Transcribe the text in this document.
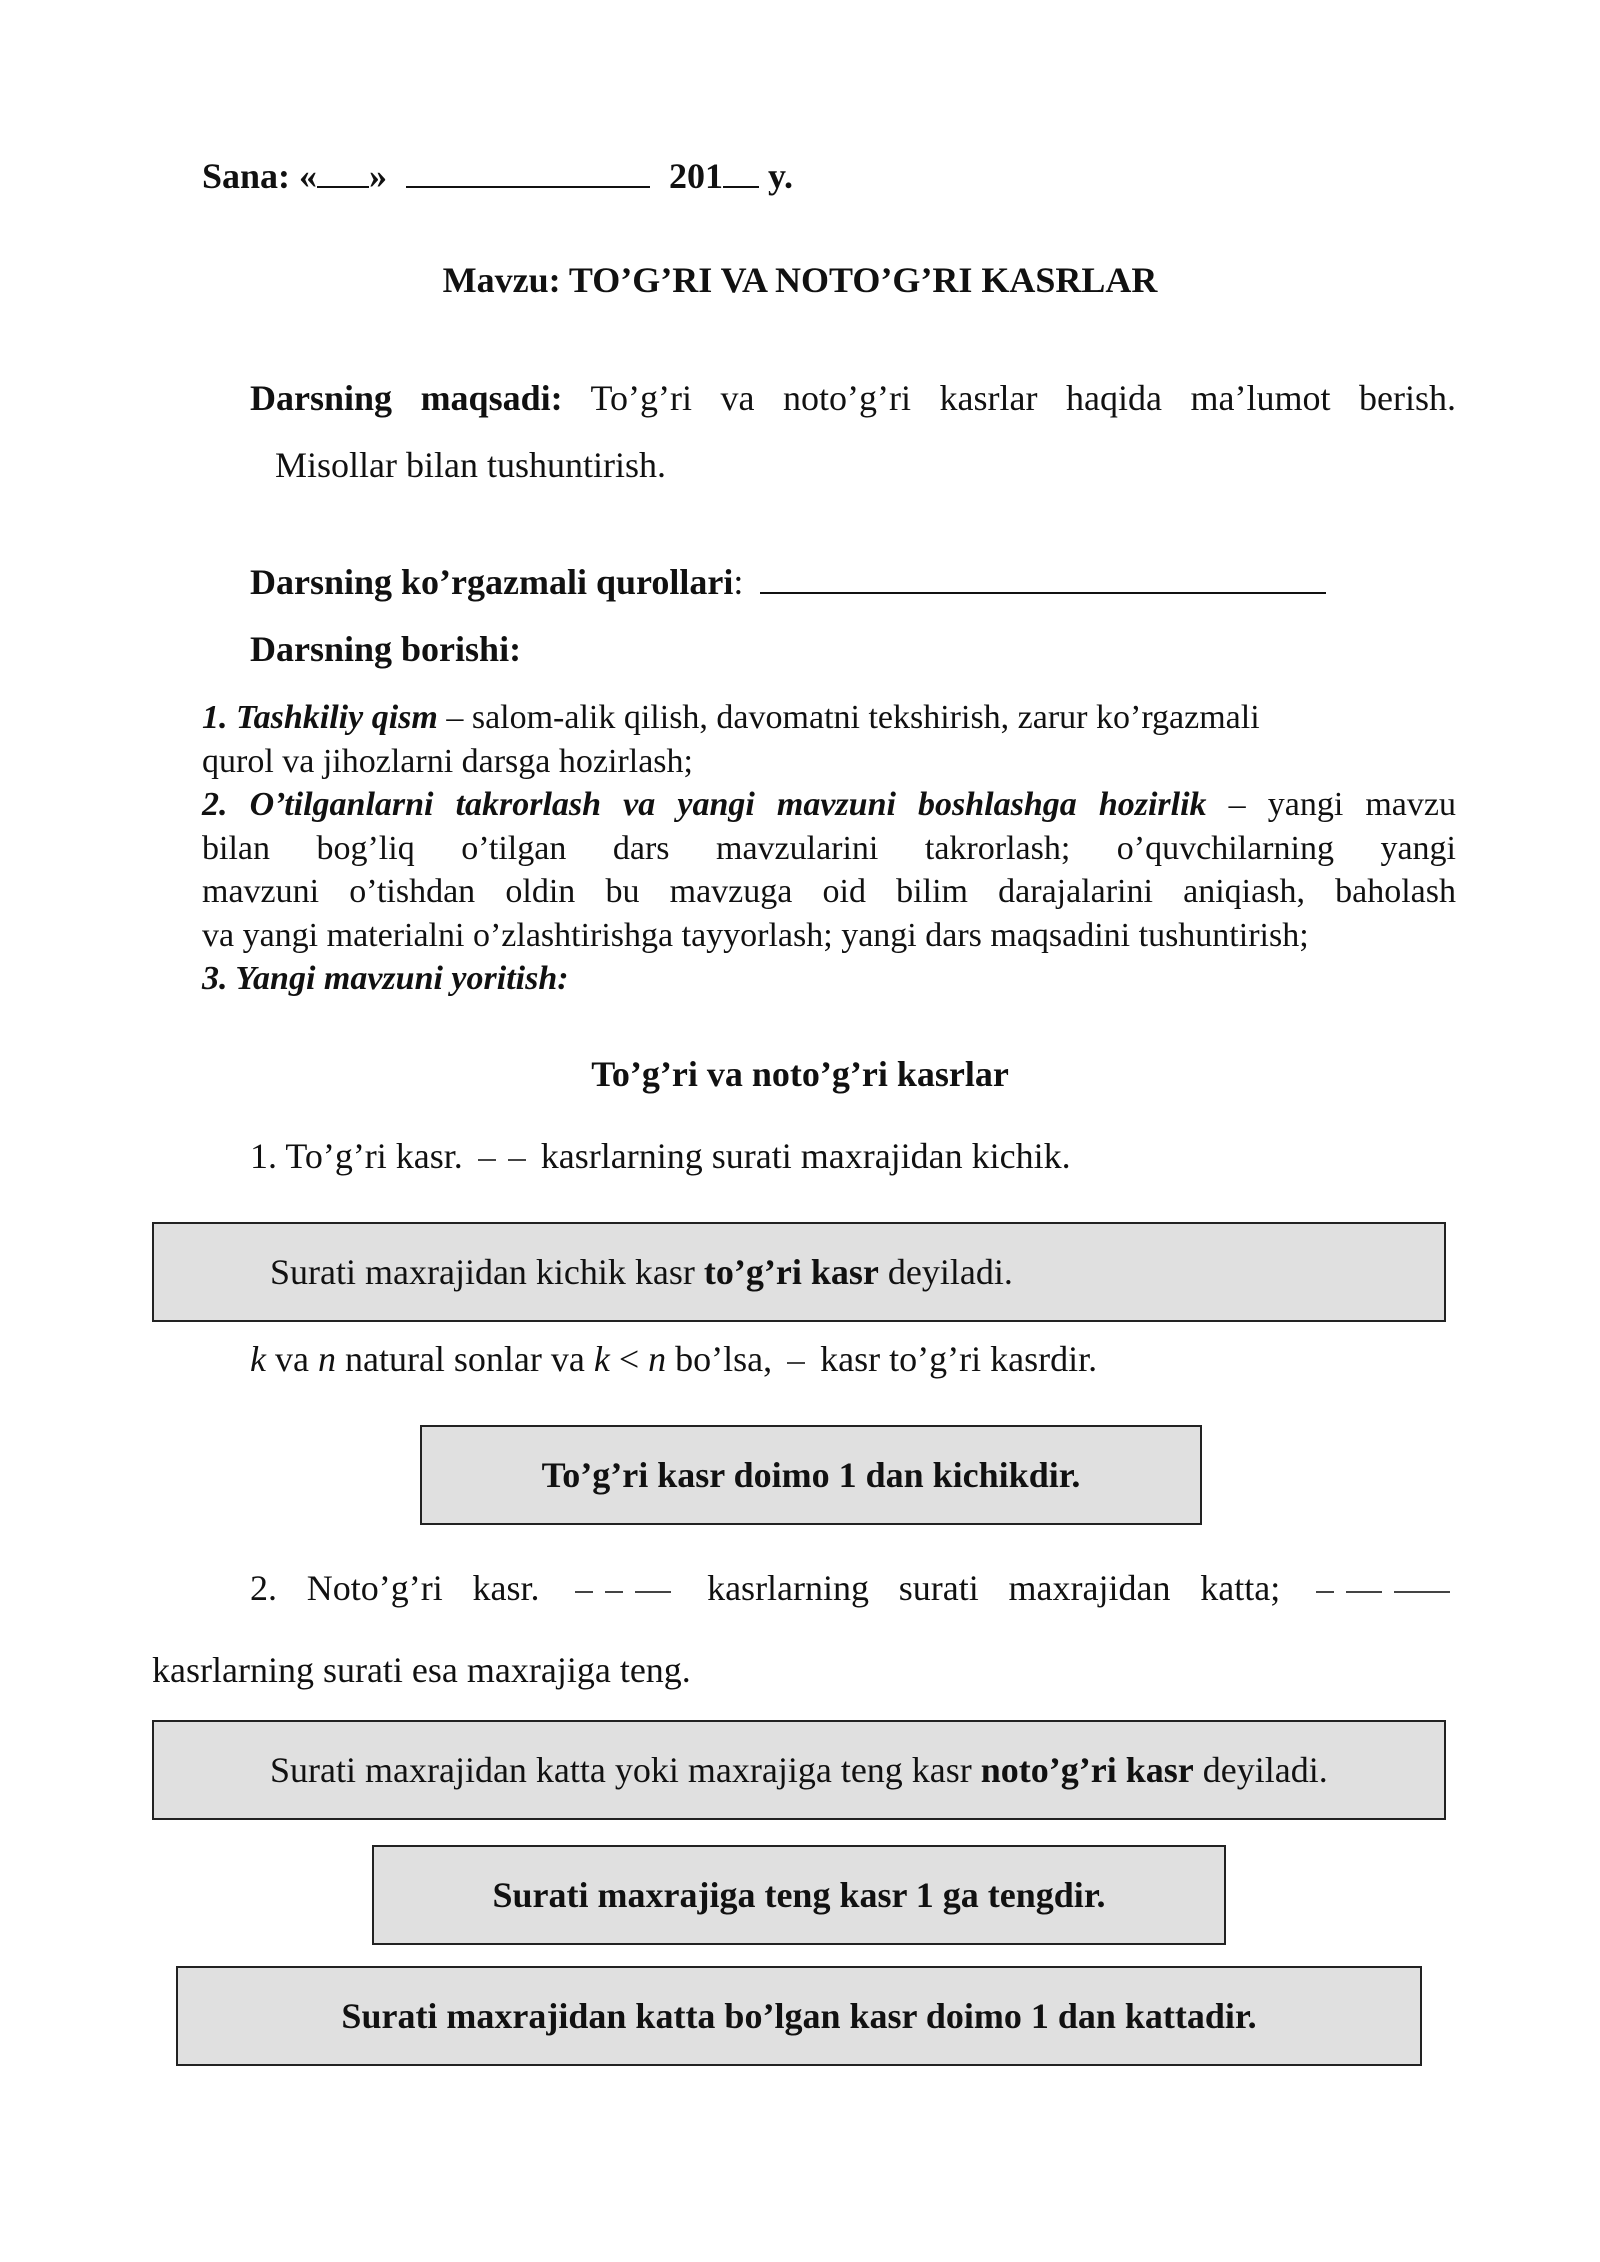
Sana: « »	201 y.
Mavzu: TO’G’RI VA NOTO’G’RI KASRLAR
Darsning maqsadi: To’g’ri va noto’g’ri kasrlar haqida ma’lumot berish.
Misollar bilan tushuntirish.
Darsning ko’rgazmali qurollari:
Darsning borishi:
1. Tashkiliy qism – salom-alik qilish, davomatni tekshirish, zarur ko’rgazmali
qurol va jihozlarni darsga hozirlash;
2. O’tilganlarni takrorlash va yangi mavzuni boshlashga hozirlik – yangi mavzu
bilan bog’liq o’tilgan dars mavzularini takrorlash; o’quvchilarning yangi
mavzuni o’tishdan oldin bu mavzuga oid bilim darajalarini aniqiash, baholash
va yangi materialni o’zlashtirishga tayyorlash; yangi dars maqsadini tushuntirish;
3. Yangi mavzuni yoritish:
To’g’ri va noto’g’ri kasrlar
1. To’g’ri kasr. kasrlarning surati maxrajidan kichik.
Surati maxrajidan kichik kasr to’g’ri kasr deyiladi.
k va n natural sonlar va k < n bo’lsa, kasr to’g’ri kasrdir.
To’g’ri kasr doimo 1 dan kichikdir.
2. Noto’g’ri kasr.	kasrlarning surati maxrajidan katta;
kasrlarning surati esa maxrajiga teng.
Surati maxrajidan katta yoki maxrajiga teng kasr noto’g’ri kasr deyiladi.
Surati maxrajiga teng kasr 1 ga tengdir.
Surati maxrajidan katta bo’lgan kasr doimo 1 dan kattadir.
